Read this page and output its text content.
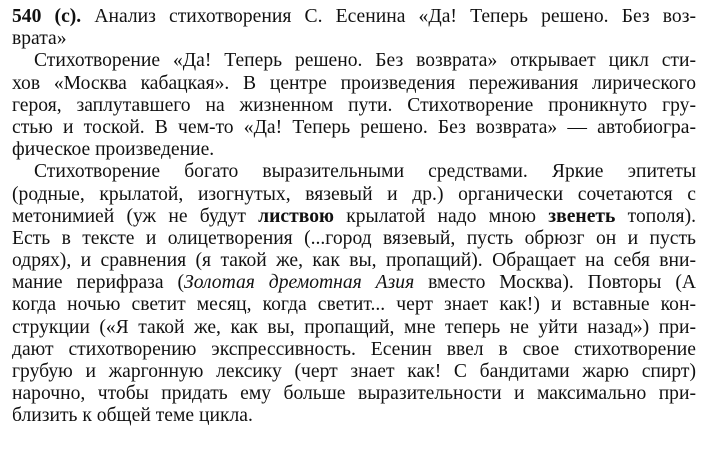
540 (с). Анализ стихотворения С. Есенина «Да! Теперь решено. Без воз-
врата»
Стихотворение «Да! Теперь решено. Без возврата» открывает цикл сти-
хов «Москва кабацкая». В центре произведения переживания лирического
героя, заплутавшего на жизненном пути. Стихотворение проникнуто гру-
стью и тоской. В чем-то «Да! Теперь решено. Без возврата» — автобиогра-
фическое произведение.
Стихотворение богато выразительными средствами. Яркие эпитеты
(родные, крылатой, изогнутых, вязевый и др.) органически сочетаются с
метонимией (уж не будут листвою крылатой надо мною звенеть тополя).
Есть в тексте и олицетворения (...город вязевый, пусть обрюзг он и пусть
одрях), и сравнения (я такой же, как вы, пропащий). Обращает на себя вни-
мание перифраза (Золотая дремотная Азия вместо Москва). Повторы (А
когда ночью светит месяц, когда светит... черт знает как!) и вставные кон-
струкции («Я такой же, как вы, пропащий, мне теперь не уйти назад») при-
дают стихотворению экспрессивность. Есенин ввел в свое стихотворение
грубую и жаргонную лексику (черт знает как! С бандитами жарю спирт)
нарочно, чтобы придать ему больше выразительности и максимально при-
близить к общей теме цикла.
